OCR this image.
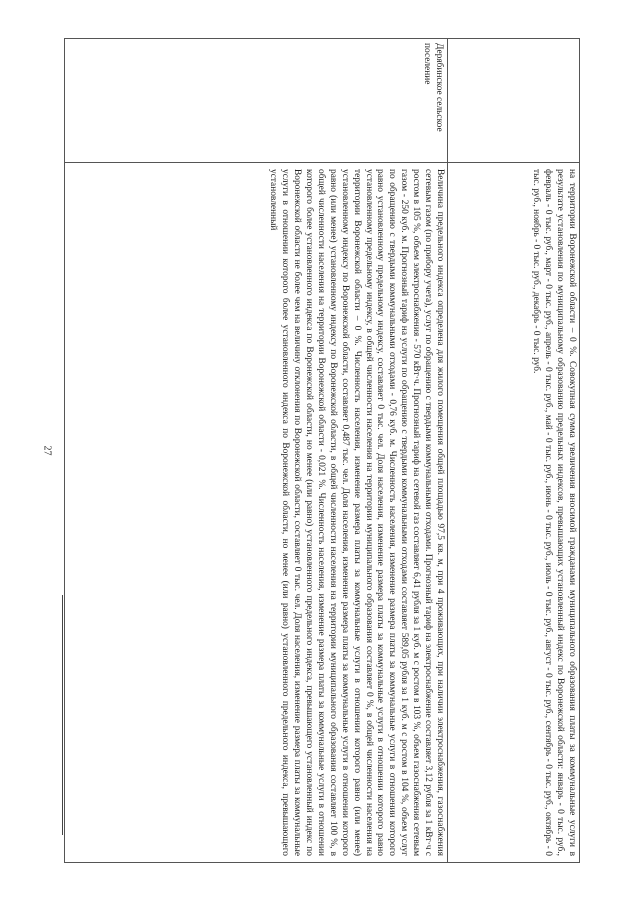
27	на территории Воронежской области – 0 %. Совокупная сумма увеличения вносимой гражданами муниципального образования платы за коммунальные услуги в результате установления по муниципальному образованию предельных индексов, превышающих установленный индекс по Воронежской области: январь - 0 тыс. руб., февраль - 0 тыс. руб., март - 0 тыс. руб., апрель - 0 тыс. руб., май - 0 тыс. руб., июнь - 0 тыс. руб., июль - 0 тыс. руб., август - 0 тыс. руб., сентябрь - 0 тыс. руб., октябрь - 0 тыс. руб., ноябрь - 0 тыс. руб., декабрь - 0 тыс. руб.

Дерябинское сельское поселение

Величина предельного индекса определена для жилого помещения общей площадью 97,5 кв. м, при 4 проживающих, при наличии электроснабжения, газоснабжения сетевым газом (по прибору учета), услуг по обращению с твердыми коммунальными отходами. Прогнозный тариф на электроснабжение составляет 3,12 рубля за 1 кВт·ч с ростом в 105 %, объем электроснабжения - 570 кВт·ч. Прогнозный тариф на сетевой газ составляет 6,41 рубля за 1 куб. м с ростом в 103 %, объем газоснабжения сетевым газом - 250 куб. м. Прогнозный тариф на услуги по обращению с твердыми коммунальными отходами составляет 589,05 рубля за 1 куб. м с ростом в 104 %, объем услуг по обращению с твердыми коммунальными отходами - 0,76 куб. м. Численность населения, изменение размера платы за коммунальные услуги в отношении которого равно установленному предельному индексу, составляет 0 тыс. чел. Доля населения, изменение размера платы за коммунальные услуги в отношении которого равно установленному предельному индексу, в общей численности населения на территории муниципального образования составляет 0 %, в общей численности населения на территории Воронежской области – 0 %. Численность населения, изменение размера платы за коммунальные услуги в отношении которого равно (или менее) установленному индексу по Воронежской области, составляет 0,487 тыс. чел. Доля населения, изменение размера платы за коммунальные услуги в отношении которого равно (или менее) установленному индексу по Воронежской области, в общей численности населения на территории муниципального образования составляет 100 %, в общей численности населения на территории Воронежской области - 0,021 %. Численность населения, изменение размера платы за коммунальные услуги в отношении которого более установленного индекса по Воронежской области, но менее (или равно) установленного предельного индекса, превышающего установленный индекс по Воронежской области не более чем на величину отклонения по Воронежской области, составляет 0 тыс. чел. Доля населения, изменение размера платы за коммунальные услуги в отношении которого более установленного индекса по Воронежской области, но менее (или равно) установленного предельного индекса, превышающего установленный
